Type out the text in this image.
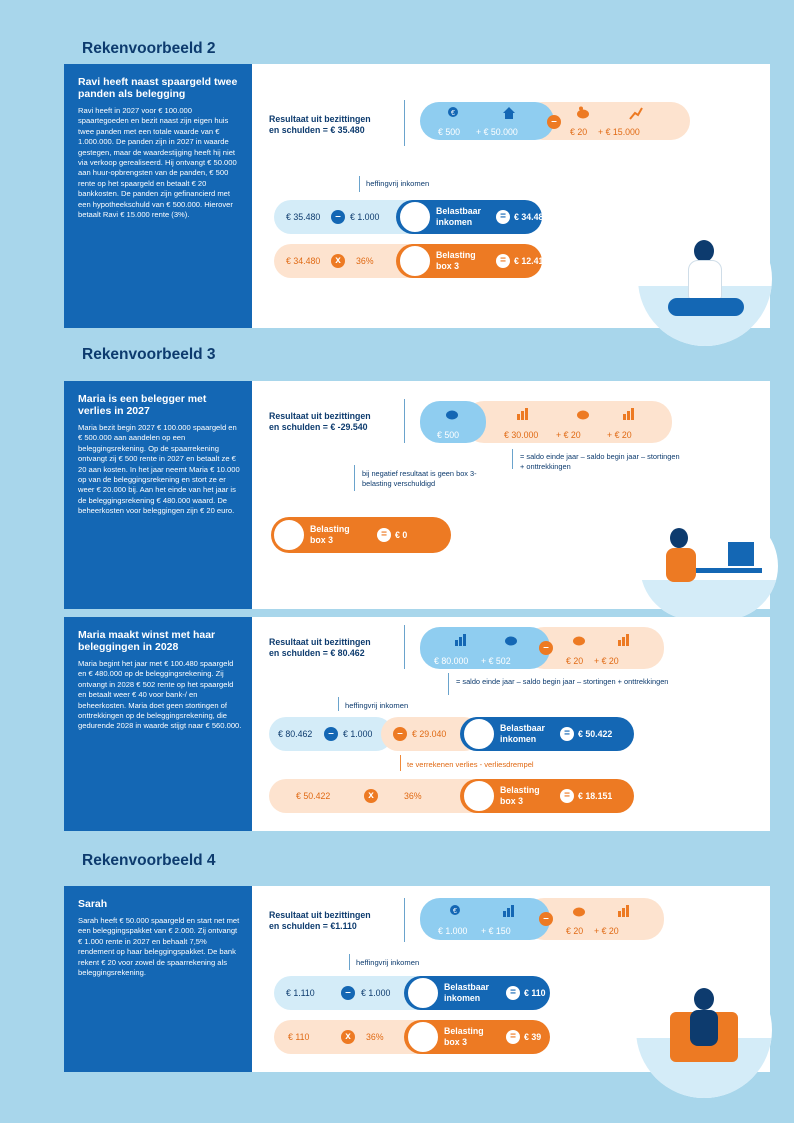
Rekenvoorbeeld 2
Ravi heeft naast spaargeld twee panden als belegging

Ravi heeft in 2027 voor € 100.000 spaartegoeden en bezit naast zijn eigen huis twee panden met een totale waarde van € 1.000.000. De panden zijn in 2027 in waarde gestegen, maar de waardestijging heeft hij niet via verkoop gerealiseerd. Hij ontvangt € 50.000 aan huur-opbrengsten van de panden, € 500 rente op het spaargeld en betaalt € 20 bankkosten. De panden zijn gefinancierd met een hypotheekschuld van € 500.000. Hierover betaalt Ravi € 15.000 rente (3%).

Resultaat uit bezittingen
en schulden = € 35.480
€
€ 500 + € 50.000
–
€ 20 + € 15.000
heffingvrij inkomen
€ 35.480	–	€ 1.000
Belastbaar
inkomen	= € 34.480
€ 34.480	x	36%
Belasting
box 3	= € 12.413
Rekenvoorbeeld 3
Maria is een belegger met verlies in 2027

Maria bezit begin 2027 € 100.000 spaargeld en € 500.000 aan aandelen op een beleggingsrekening. Op de spaarrekening ontvangt zij € 500 rente in 2027 en betaalt ze € 20 aan kosten. In het jaar neemt Maria € 10.000 op van de beleggingsrekening en stort ze er weer € 20.000 bij. Aan het einde van het jaar is de beleggingsrekening € 480.000 waard. De beheerkosten voor beleggingen zijn € 20 euro.

Resultaat uit bezittingen
en schulden = € -29.540
€ 500	€ 30.000 + € 20	+ € 20
= saldo einde jaar – saldo begin jaar – stortingen + onttrekkingen
bij negatief resultaat is geen box 3-belasting verschuldigd
Belasting
box 3	= € 0
Maria maakt winst met haar beleggingen in 2028

Maria begint het jaar met € 100.480 spaargeld en € 480.000 op de beleggingsrekening. Zij ontvangt in 2028 € 502 rente op het spaargeld en betaalt weer € 40 voor bank-/ en beheerkosten. Maria doet geen stortingen of onttrekkingen op de beleggingsrekening, die gedurende 2028 in waarde stijgt naar € 560.000.

Resultaat uit bezittingen
en schulden = € 80.462
€ 80.000 + € 502
–
€ 20 + € 20
= saldo einde jaar – saldo begin jaar – stortingen + onttrekkingen
heffingvrij inkomen
€ 80.462	–	€ 1.000	–	€ 29.040
Belastbaar
inkomen	= € 50.422
te verrekenen verlies - verliesdrempel
€ 50.422	x	36%
Belasting
box 3	= € 18.151
Rekenvoorbeeld 4
Sarah

Sarah heeft € 50.000 spaargeld en start net met een beleggingspakket van € 2.000. Zij ontvangt € 1.000 rente in 2027 en behaalt 7,5% rendement op haar beleggingspakket. De bank rekent € 20 voor zowel de spaarrekening als beleggingsrekening.

Resultaat uit bezittingen
en schulden = €1.110
€
€ 1.000 + € 150
–
€ 20 + € 20
heffingvrij inkomen
€ 1.110	–	€ 1.000
Belastbaar
inkomen	= € 110
€ 110	x	36%
Belasting
box 3	= € 39
